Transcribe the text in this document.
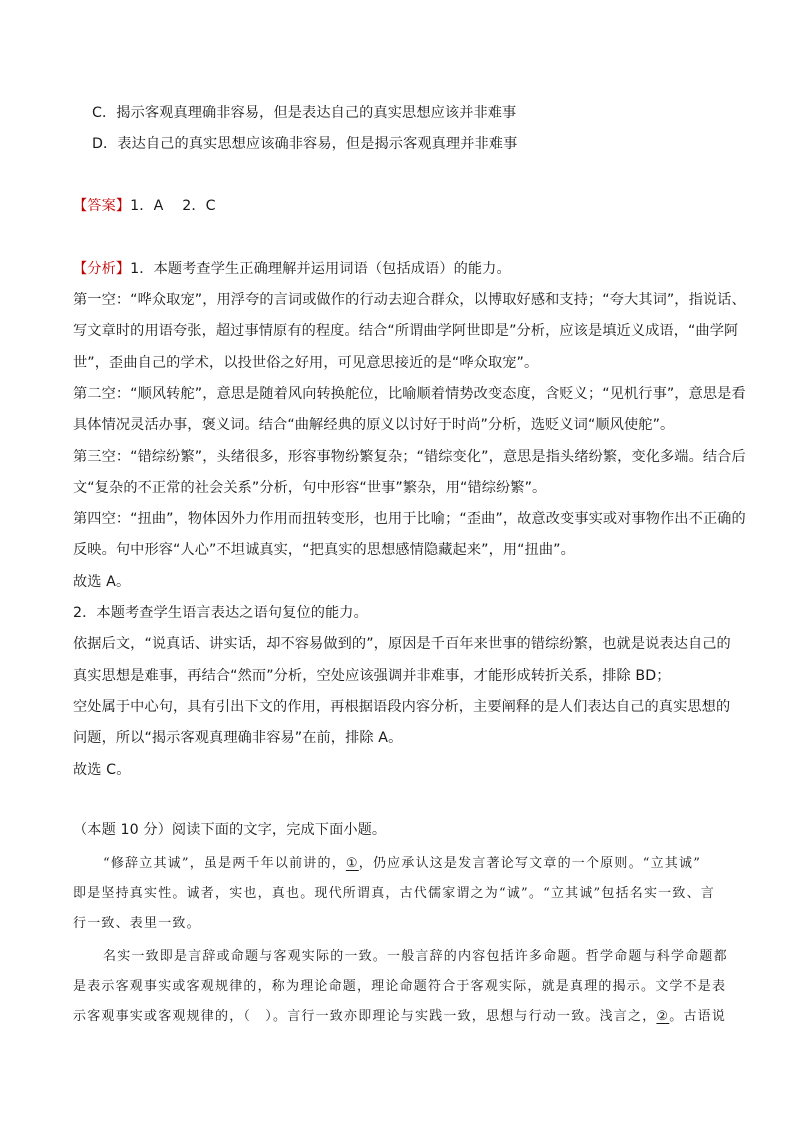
C．揭示客观真理确非容易，但是表达自己的真实思想应该并非难事
D．表达自己的真实思想应该确非容易，但是揭示客观真理并非难事
【答案】1．A　 2．C
【分析】1．本题考查学生正确理解并运用词语（包括成语）的能力。
第一空：“哗众取宠”，用浮夸的言词或做作的行动去迎合群众，以博取好感和支持；“夸大其词”，指说话、
写文章时的用语夸张，超过事情原有的程度。结合“所谓曲学阿世即是”分析，应该是填近义成语，“曲学阿
世”，歪曲自己的学术，以投世俗之好用，可见意思接近的是“哗众取宠”。
第二空：“顺风转舵”，意思是随着风向转换舵位，比喻顺着情势改变态度，含贬义；“见机行事”，意思是看
具体情况灵活办事，褒义词。结合“曲解经典的原义以讨好于时尚”分析，选贬义词“顺风使舵”。
第三空：“错综纷繁”，头绪很多，形容事物纷繁复杂；“错综变化”，意思是指头绪纷繁，变化多端。结合后
文“复杂的不正常的社会关系”分析，句中形容“世事”繁杂，用“错综纷繁”。
第四空：“扭曲”，物体因外力作用而扭转变形，也用于比喻；“歪曲”，故意改变事实或对事物作出不正确的
反映。句中形容“人心”不坦诚真实，“把真实的思想感情隐藏起来”，用“扭曲”。
故选 A。
2．本题考查学生语言表达之语句复位的能力。
依据后文，“说真话、讲实话，却不容易做到的”，原因是千百年来世事的错综纷繁，也就是说表达自己的
真实思想是难事，再结合“然而”分析，空处应该强调并非难事，才能形成转折关系，排除 BD；
空处属于中心句，具有引出下文的作用，再根据语段内容分析，主要阐释的是人们表达自己的真实思想的
问题，所以“揭示客观真理确非容易”在前，排除 A。
故选 C。
（本题 10 分）阅读下面的文字，完成下面小题。
“修辞立其诚”，虽是两千年以前讲的，①，仍应承认这是发言著论写文章的一个原则。“立其诚”
即是坚持真实性。诚者，实也，真也。现代所谓真，古代儒家谓之为“诚”。“立其诚”包括名实一致、言
行一致、表里一致。
名实一致即是言辞或命题与客观实际的一致。一般言辞的内容包括许多命题。哲学命题与科学命题都
是表示客观事实或客观规律的，称为理论命题，理论命题符合于客观实际，就是真理的揭示。文学不是表
示客观事实或客观规律的，（　）。言行一致亦即理论与实践一致，思想与行动一致。浅言之，②。古语说
